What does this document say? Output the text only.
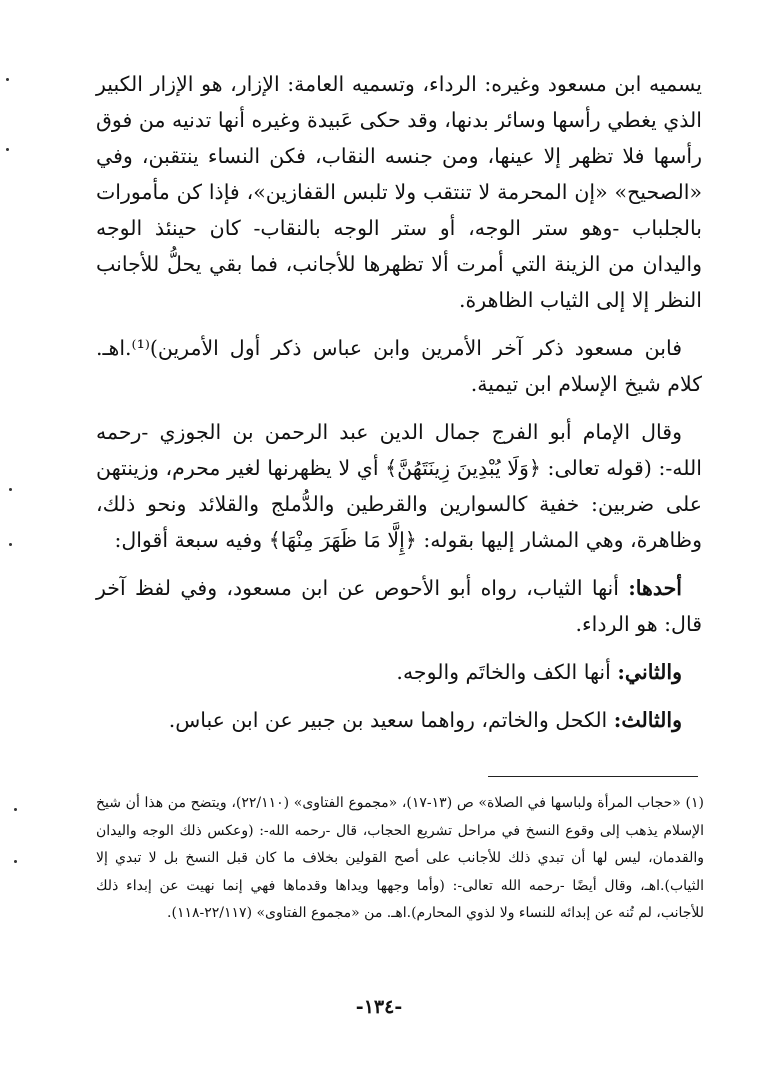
يسميه ابن مسعود وغيره: الرداء، وتسميه العامة: الإزار، هو الإزار الكبير الذي يغطي رأسها وسائر بدنها، وقد حكى عَبيدة وغيره أنها تدنيه من فوق رأسها فلا تظهر إلا عينها، ومن جنسه النقاب، فكن النساء ينتقبن، وفي «الصحيح» «إن المحرمة لا تنتقب ولا تلبس القفازين»، فإذا كن مأمورات بالجلباب -وهو ستر الوجه، أو ستر الوجه بالنقاب- كان حينئذ الوجه واليدان من الزينة التي أمرت ألا تظهرها للأجانب، فما بقي يحلُّ للأجانب النظر إلا إلى الثياب الظاهرة.

فابن مسعود ذكر آخر الأمرين وابن عباس ذكر أول الأمرين)⁽¹⁾.اهـ. كلام شيخ الإسلام ابن تيمية.

وقال الإمام أبو الفرج جمال الدين عبد الرحمن بن الجوزي -رحمه الله-: (قوله تعالى: ﴿وَلَا يُبْدِينَ زِينَتَهُنَّ﴾ أي لا يظهرنها لغير محرم، وزينتهن على ضربين: خفية كالسوارين والقرطين والدُّملج والقلائد ونحو ذلك، وظاهرة، وهي المشار إليها بقوله: ﴿إِلَّا مَا ظَهَرَ مِنْهَا﴾ وفيه سبعة أقوال:

أحدها: أنها الثياب، رواه أبو الأحوص عن ابن مسعود، وفي لفظ آخر قال: هو الرداء.

والثاني: أنها الكف والخاتَم والوجه.

والثالث: الكحل والخاتم، رواهما سعيد بن جبير عن ابن عباس.

(١) «حجاب المرأة ولباسها في الصلاة» ص (١٣-١٧)، «مجموع الفتاوى» (٢٢/١١٠)، ويتضح من هذا أن شيخ الإسلام يذهب إلى وقوع النسخ في مراحل تشريع الحجاب، قال -رحمه الله-: (وعكس ذلك الوجه واليدان والقدمان، ليس لها أن تبدي ذلك للأجانب على أصح القولين بخلاف ما كان قبل النسخ بل لا تبدي إلا الثياب).اهـ، وقال أيضًا -رحمه الله تعالى-: (وأما وجهها ويداها وقدماها فهي إنما نهيت عن إبداء ذلك للأجانب، لم تُنه عن إبدائه للنساء ولا لذوي المحارم).اهـ. من «مجموع الفتاوى» (٢٢/١١٧-١١٨).

-١٣٤-
